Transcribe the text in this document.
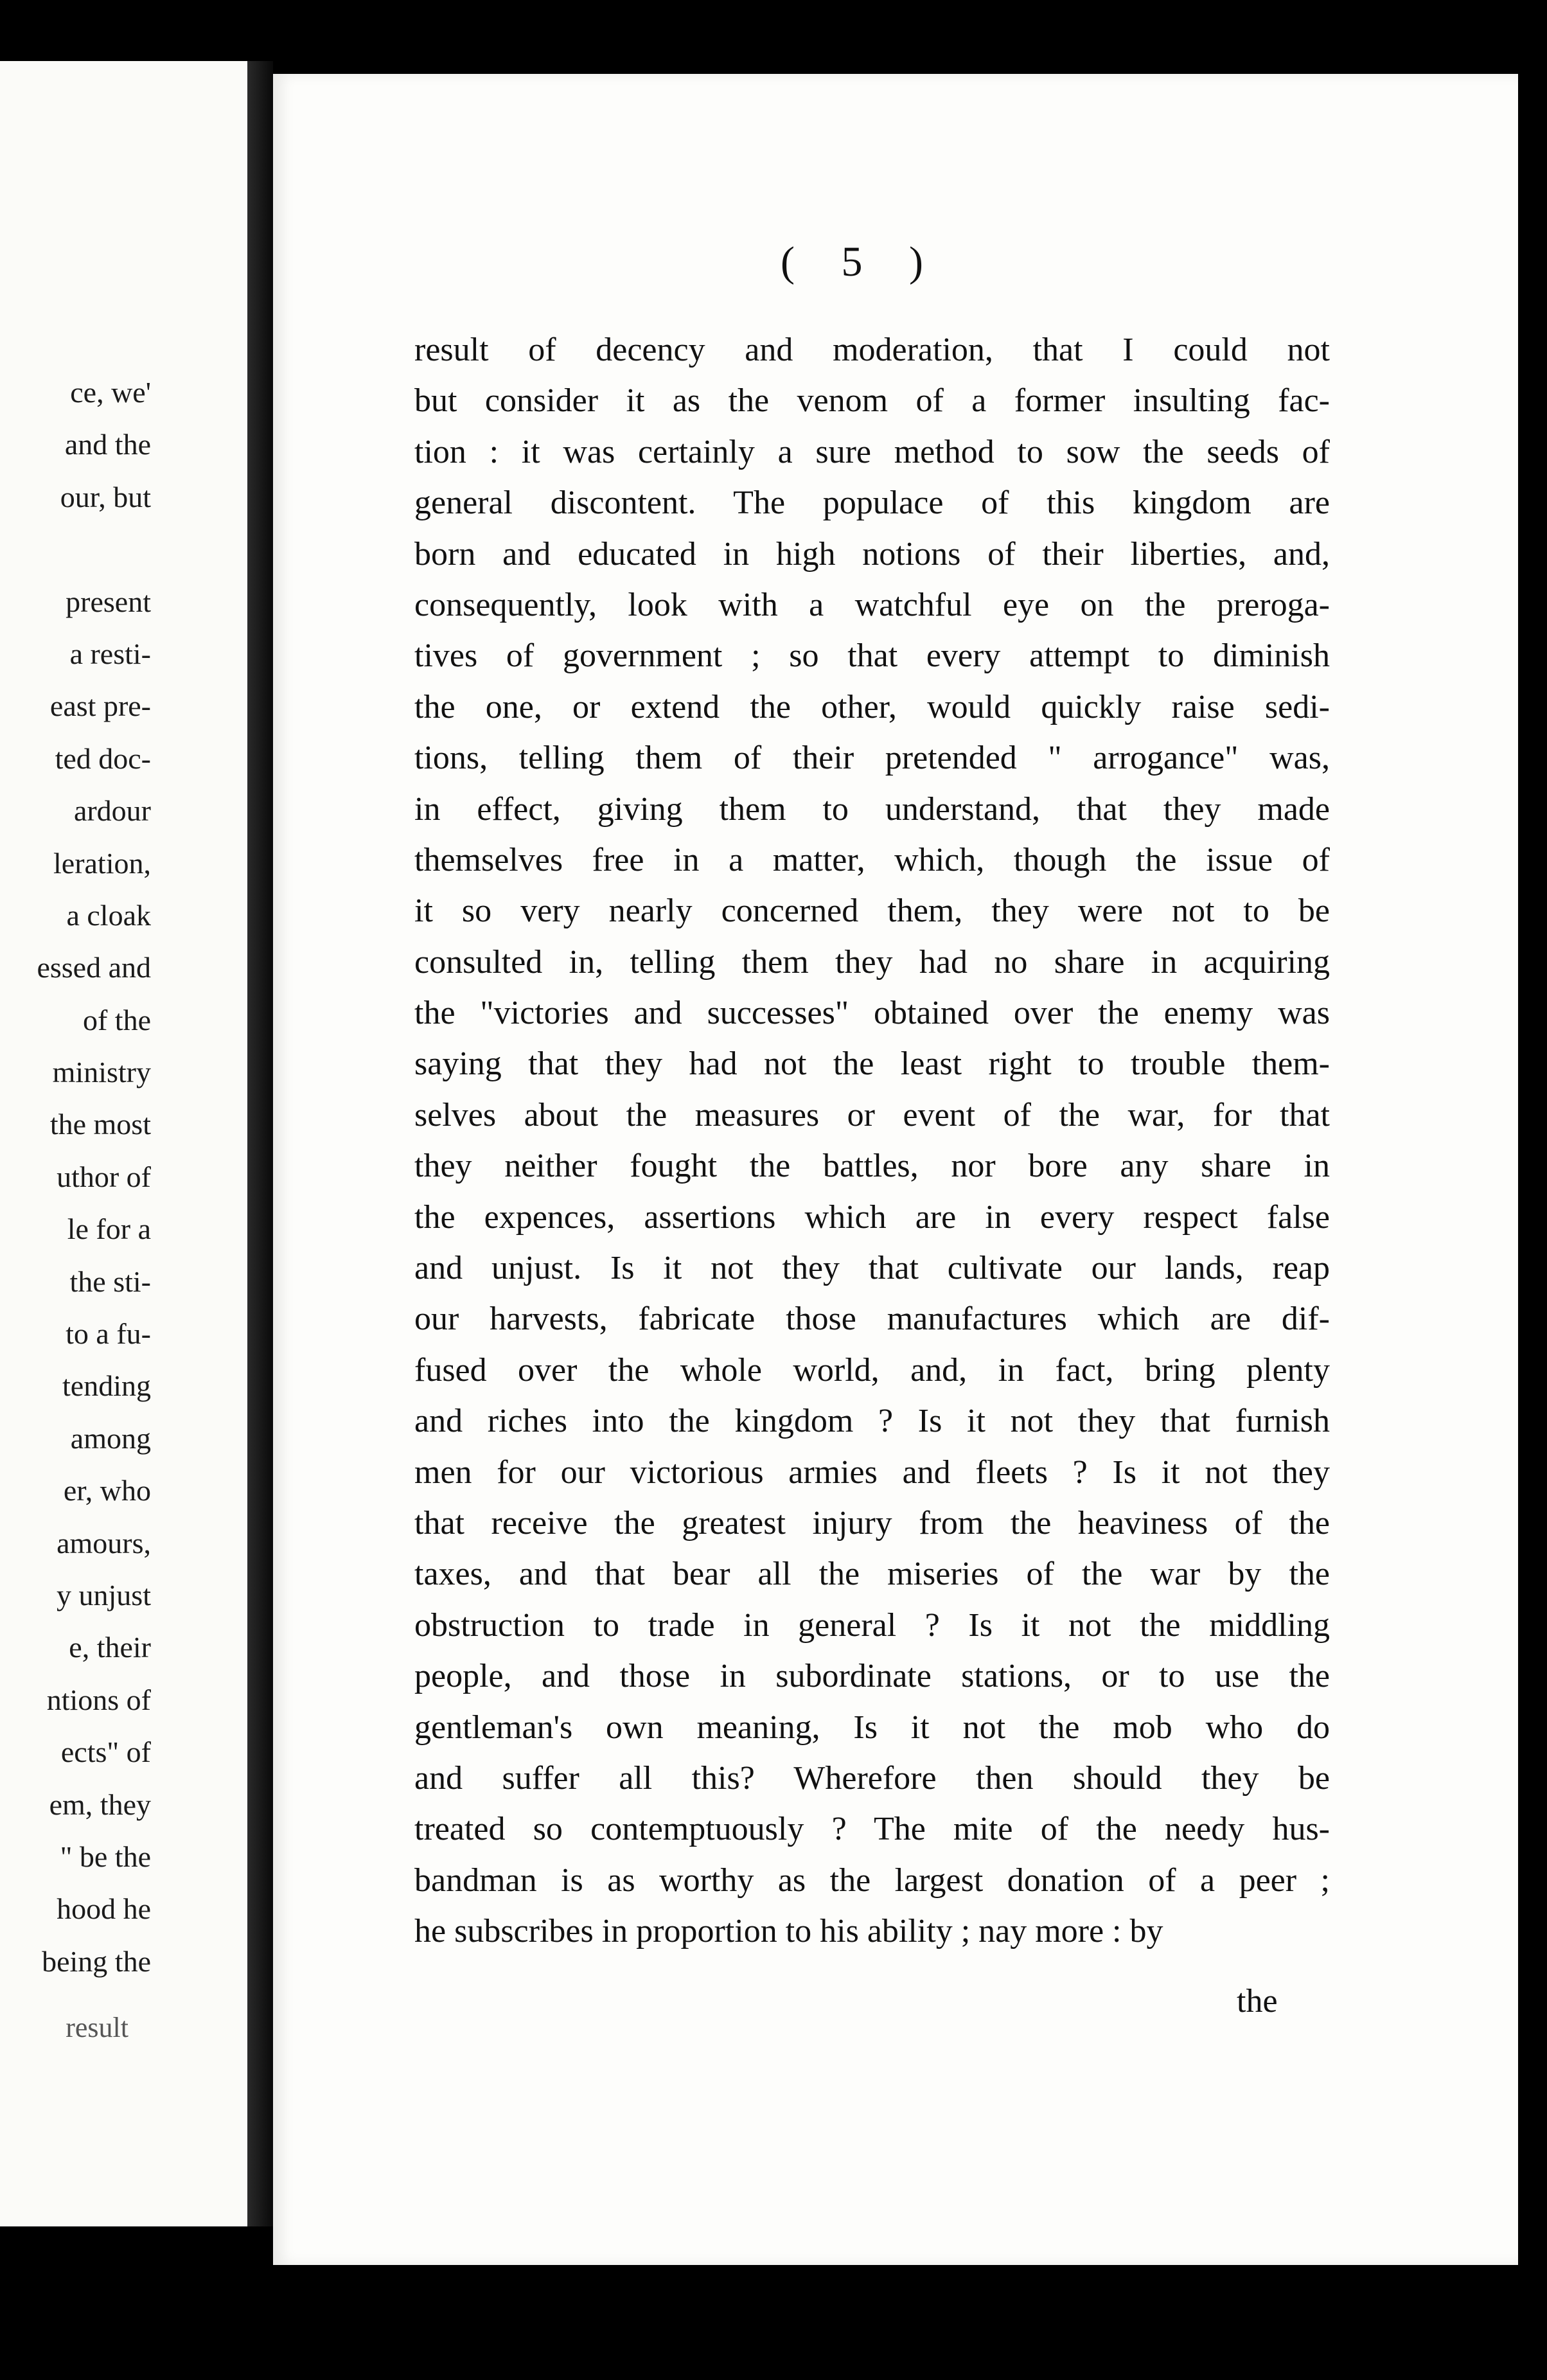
ce, we'
and the
our, but
present
a resti-
east pre-
ted doc-
ardour
leration,
a cloak
essed and
of the
ministry
the most
uthor of
le for a
the sti-
to a fu-
tending
among
er, who
amours,
y unjust
e, their
ntions of
ects" of
em, they
" be the
hood he
being the
result
( 5 )
result of decency and moderation, that I could not
but consider it as the venom of a former insulting fac-
tion : it was certainly a sure method to sow the seeds of
general discontent. The populace of this kingdom are
born and educated in high notions of their liberties, and,
consequently, look with a watchful eye on the preroga-
tives of government ; so that every attempt to diminish
the one, or extend the other, would quickly raise sedi-
tions, telling them of their pretended " arrogance" was,
in effect, giving them to understand, that they made
themselves free in a matter, which, though the issue of
it so very nearly concerned them, they were not to be
consulted in, telling them they had no share in acquiring
the "victories and successes" obtained over the enemy was
saying that they had not the least right to trouble them-
selves about the measures or event of the war, for that
they neither fought the battles, nor bore any share in
the expences, assertions which are in every respect false
and unjust. Is it not they that cultivate our lands, reap
our harvests, fabricate those manufactures which are dif-
fused over the whole world, and, in fact, bring plenty
and riches into the kingdom ? Is it not they that furnish
men for our victorious armies and fleets ? Is it not they
that receive the greatest injury from the heaviness of the
taxes, and that bear all the miseries of the war by the
obstruction to trade in general ? Is it not the middling
people, and those in subordinate stations, or to use the
gentleman's own meaning, Is it not the mob who do
and suffer all this? Wherefore then should they be
treated so contemptuously ? The mite of the needy hus-
bandman is as worthy as the largest donation of a peer ;
he subscribes in proportion to his ability ; nay more : by
the
